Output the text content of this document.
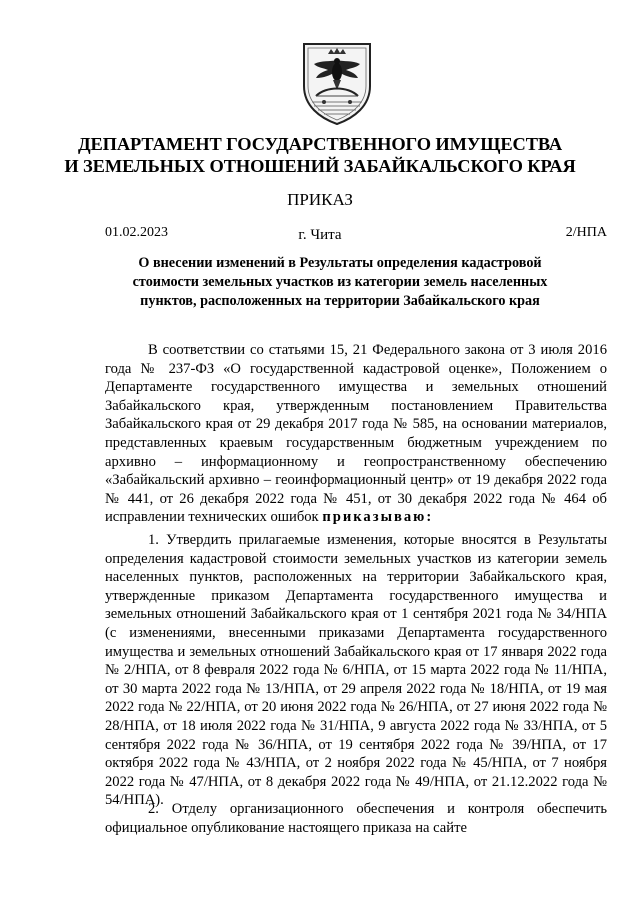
ДЕПАРТАМЕНТ ГОСУДАРСТВЕННОГО ИМУЩЕСТВА
И ЗЕМЕЛЬНЫХ ОТНОШЕНИЙ ЗАБАЙКАЛЬСКОГО КРАЯ
ПРИКАЗ
01.02.2023	г. Чита	2/НПА
О внесении изменений в Результаты определения кадастровой
стоимости земельных участков из категории земель населенных
пунктов, расположенных на территории Забайкальского края

В соответствии со статьями 15, 21 Федерального закона от 3 июля 2016 года № 237-ФЗ «О государственной кадастровой оценке», Положением о Департаменте государственного имущества и земельных отношений Забайкальского края, утвержденным постановлением Правительства Забайкальского края от 29 декабря 2017 года № 585, на основании материалов, представленных краевым государственным бюджетным учреждением по архивно – информационному и геопространственному обеспечению «Забайкальский архивно – геоинформационный центр» от 19 декабря 2022 года № 441, от 26 декабря 2022 года № 451, от 30 декабря 2022 года № 464 об исправлении технических ошибок приказываю:

1. Утвердить прилагаемые изменения, которые вносятся в Результаты определения кадастровой стоимости земельных участков из категории земель населенных пунктов, расположенных на территории Забайкальского края, утвержденные приказом Департамента государственного имущества и земельных отношений Забайкальского края от 1 сентября 2021 года № 34/НПА (с изменениями, внесенными приказами Департамента государственного имущества и земельных отношений Забайкальского края от 17 января 2022 года № 2/НПА, от 8 февраля 2022 года № 6/НПА, от 15 марта 2022 года № 11/НПА, от 30 марта 2022 года № 13/НПА, от 29 апреля 2022 года № 18/НПА, от 19 мая 2022 года № 22/НПА, от 20 июня 2022 года № 26/НПА, от 27 июня 2022 года № 28/НПА, от 18 июля 2022 года № 31/НПА, 9 августа 2022 года № 33/НПА, от 5 сентября 2022 года № 36/НПА, от 19 сентября 2022 года № 39/НПА, от 17 октября 2022 года № 43/НПА, от 2 ноября 2022 года № 45/НПА, от 7 ноября 2022 года № 47/НПА, от 8 декабря 2022 года № 49/НПА, от 21.12.2022 года № 54/НПА).

2. Отделу организационного обеспечения и контроля обеспечить официальное опубликование настоящего приказа на сайте
